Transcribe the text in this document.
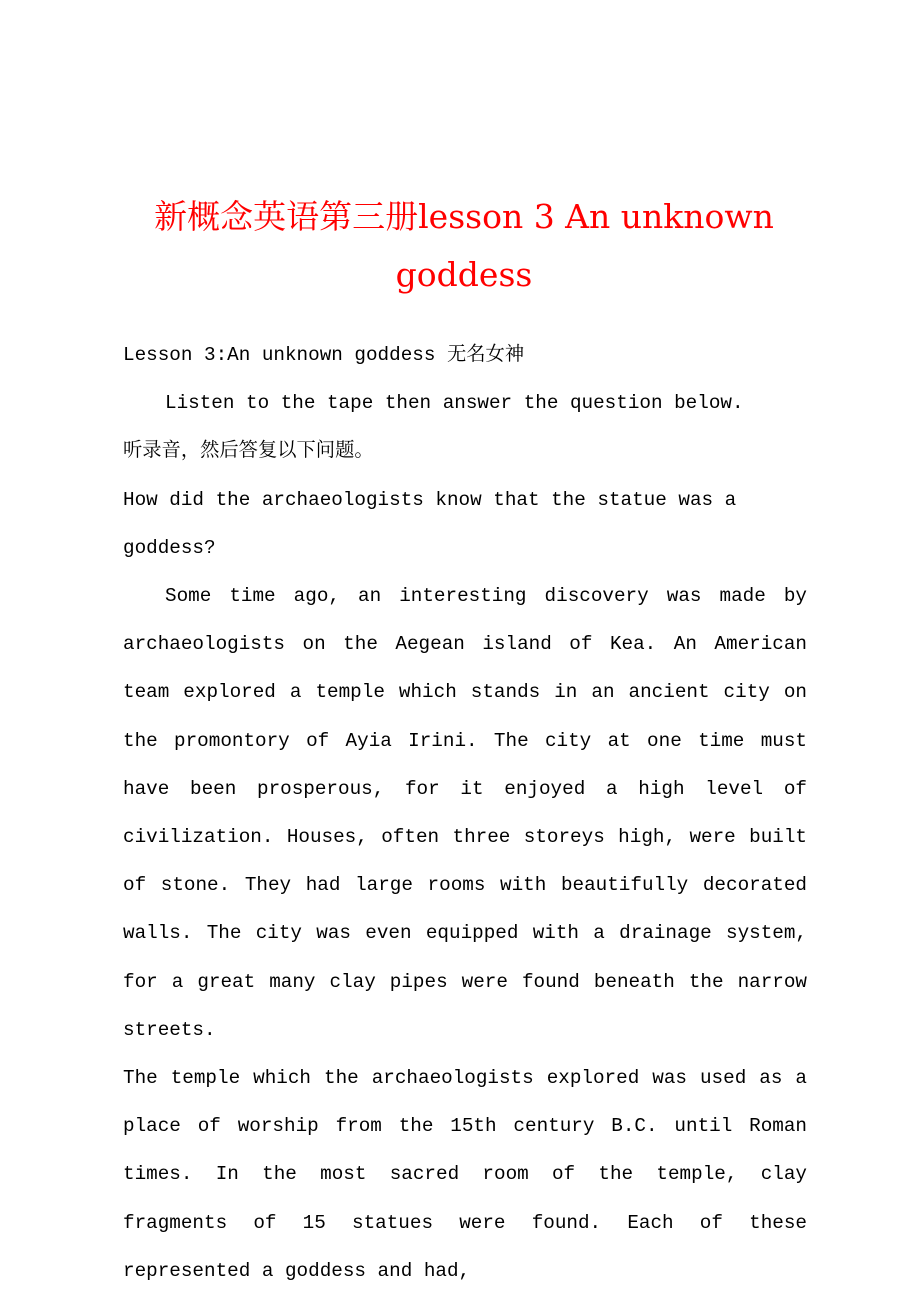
新概念英语第三册lesson 3 An unknown goddess

Lesson 3:An unknown goddess 无名女神

Listen to the tape then answer the question below.

听录音，然后答复以下问题。

How did the archaeologists know that the statue was a goddess?

Some time ago, an interesting discovery was made by archaeologists on the Aegean island of Kea. An American team explored a temple which stands in an ancient city on the promontory of Ayia Irini. The city at one time must have been prosperous, for it enjoyed a high level of civilization. Houses, often three storeys high, were built of stone. They had large rooms with beautifully decorated walls. The city was even equipped with a drainage system, for a great many clay pipes were found beneath the narrow streets.

The temple which the archaeologists explored was used as a place of worship from the 15th century B.C. until Roman times. In the most sacred room of the temple, clay fragments of 15 statues were found. Each of these represented a goddess and had,
